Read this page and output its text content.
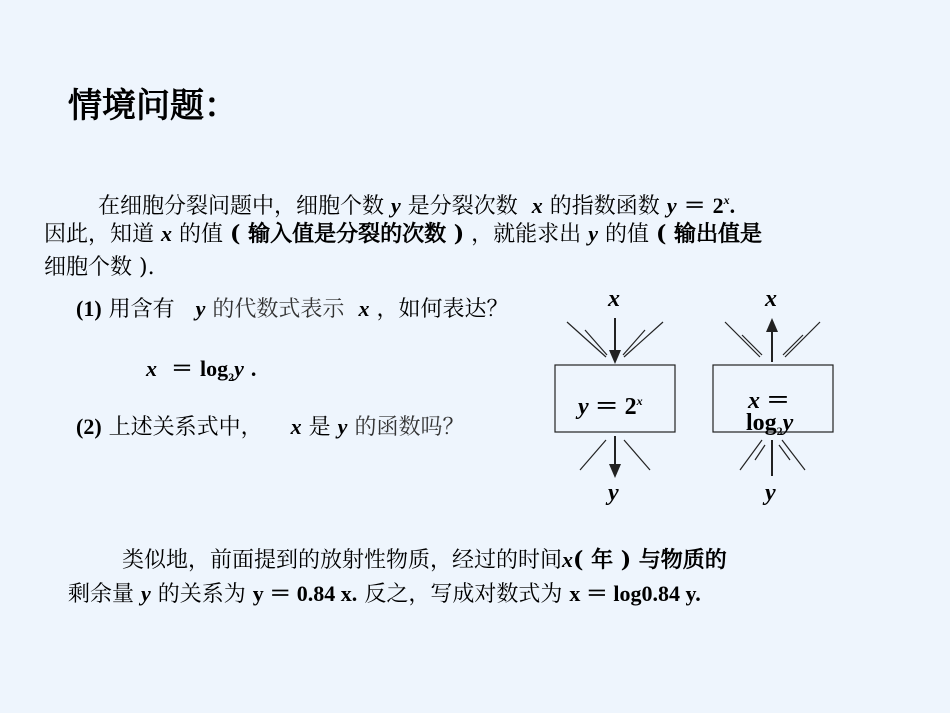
情境问题：
在细胞分裂问题中，细胞个数 y 是分裂次数 x 的指数函数 $y = 2^x$.
因此，知道 x 的值 ( 输入值是分裂的次数 ) ，就能求出 y 的值 ( 输出值是
细胞个数 ).
(1) 用含有 y 的代数式表示 x ，如何表达？
$x = \log_2y$ .
(2) 上述关系式中， x 是 y 的函数吗？
x
y
$y = 2^x$
x
y
x ＝
$\log_2y$
类似地，前面提到的放射性物质，经过的时间x( 年 ) 与物质的
剩余量 y 的关系为 y ＝ 0.84 x. 反之，写成对数式为 x ＝ log0.84 y.
